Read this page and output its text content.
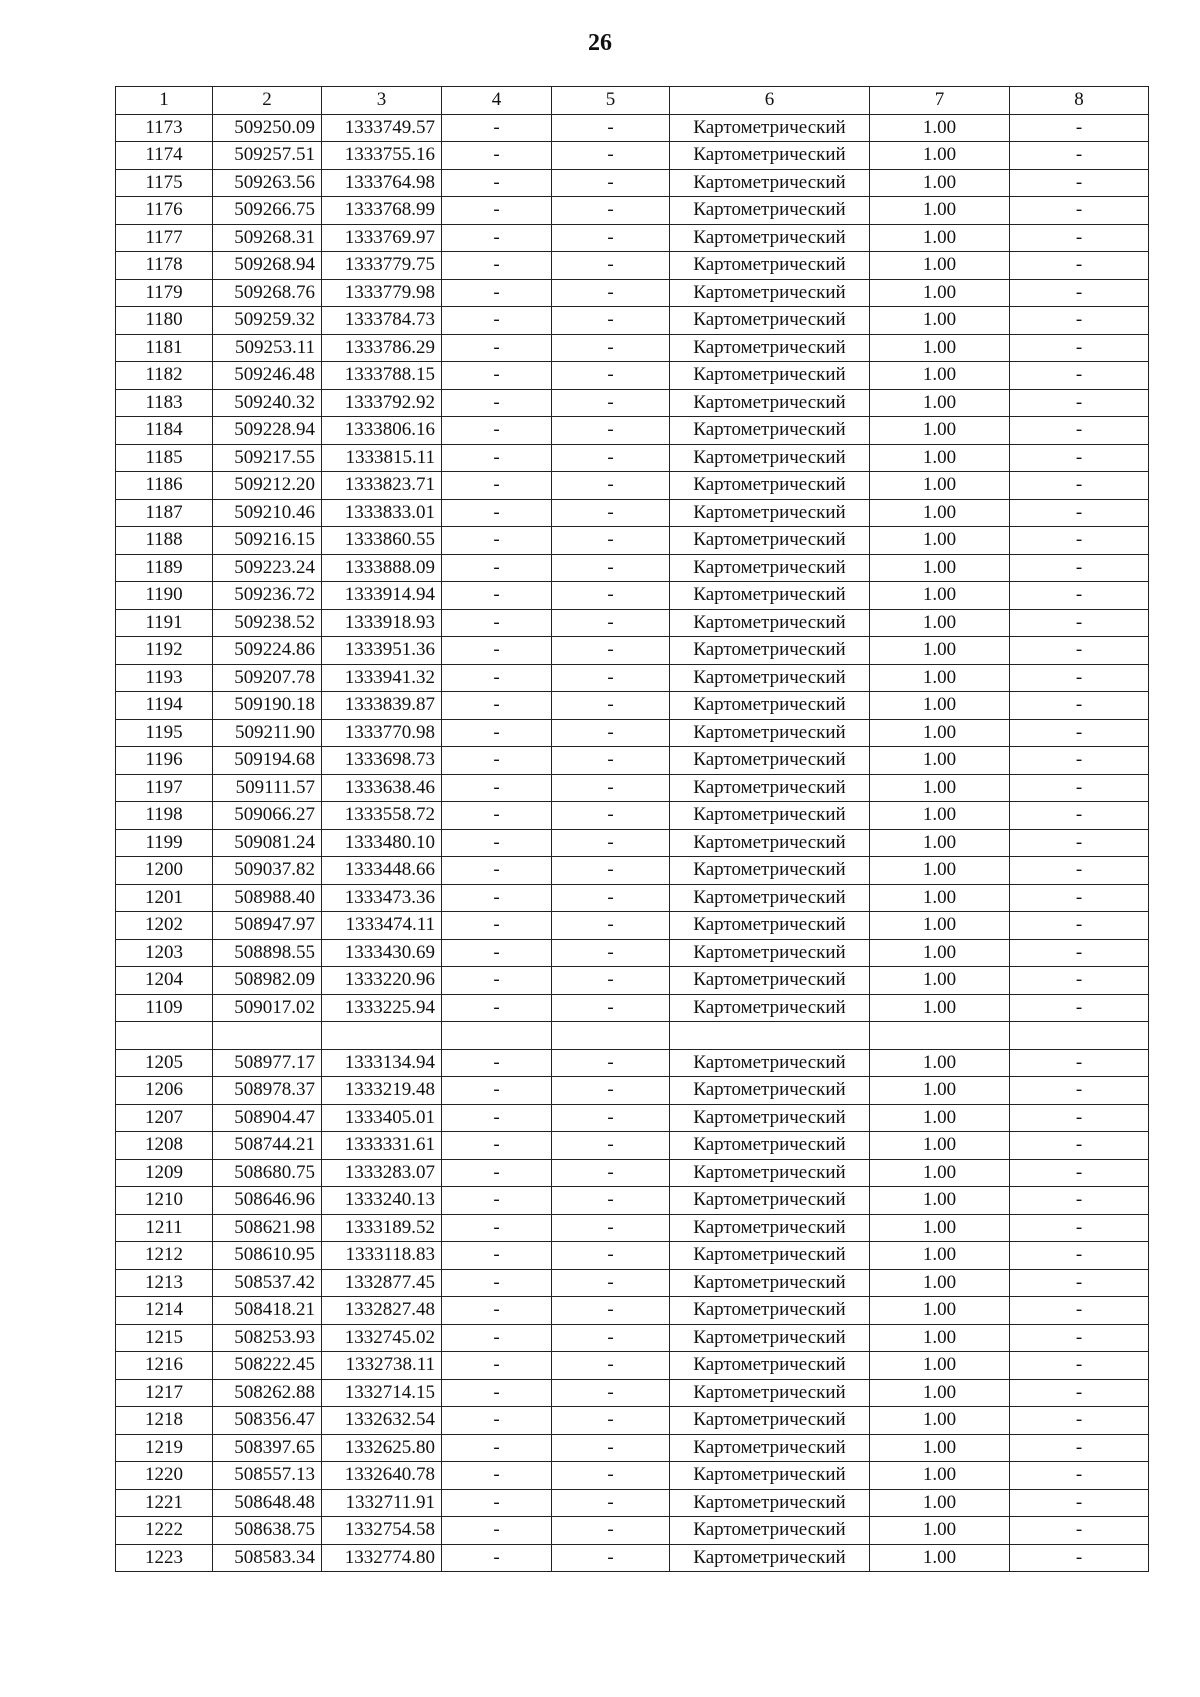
26
1	2	3	4	5	6	7	8
1173	509250.09	1333749.57	-	-	Картометрический	1.00	-
1174	509257.51	1333755.16	-	-	Картометрический	1.00	-
1175	509263.56	1333764.98	-	-	Картометрический	1.00	-
1176	509266.75	1333768.99	-	-	Картометрический	1.00	-
1177	509268.31	1333769.97	-	-	Картометрический	1.00	-
1178	509268.94	1333779.75	-	-	Картометрический	1.00	-
1179	509268.76	1333779.98	-	-	Картометрический	1.00	-
1180	509259.32	1333784.73	-	-	Картометрический	1.00	-
1181	509253.11	1333786.29	-	-	Картометрический	1.00	-
1182	509246.48	1333788.15	-	-	Картометрический	1.00	-
1183	509240.32	1333792.92	-	-	Картометрический	1.00	-
1184	509228.94	1333806.16	-	-	Картометрический	1.00	-
1185	509217.55	1333815.11	-	-	Картометрический	1.00	-
1186	509212.20	1333823.71	-	-	Картометрический	1.00	-
1187	509210.46	1333833.01	-	-	Картометрический	1.00	-
1188	509216.15	1333860.55	-	-	Картометрический	1.00	-
1189	509223.24	1333888.09	-	-	Картометрический	1.00	-
1190	509236.72	1333914.94	-	-	Картометрический	1.00	-
1191	509238.52	1333918.93	-	-	Картометрический	1.00	-
1192	509224.86	1333951.36	-	-	Картометрический	1.00	-
1193	509207.78	1333941.32	-	-	Картометрический	1.00	-
1194	509190.18	1333839.87	-	-	Картометрический	1.00	-
1195	509211.90	1333770.98	-	-	Картометрический	1.00	-
1196	509194.68	1333698.73	-	-	Картометрический	1.00	-
1197	509111.57	1333638.46	-	-	Картометрический	1.00	-
1198	509066.27	1333558.72	-	-	Картометрический	1.00	-
1199	509081.24	1333480.10	-	-	Картометрический	1.00	-
1200	509037.82	1333448.66	-	-	Картометрический	1.00	-
1201	508988.40	1333473.36	-	-	Картометрический	1.00	-
1202	508947.97	1333474.11	-	-	Картометрический	1.00	-
1203	508898.55	1333430.69	-	-	Картометрический	1.00	-
1204	508982.09	1333220.96	-	-	Картометрический	1.00	-
1109	509017.02	1333225.94	-	-	Картометрический	1.00	-

1205	508977.17	1333134.94	-	-	Картометрический	1.00	-
1206	508978.37	1333219.48	-	-	Картометрический	1.00	-
1207	508904.47	1333405.01	-	-	Картометрический	1.00	-
1208	508744.21	1333331.61	-	-	Картометрический	1.00	-
1209	508680.75	1333283.07	-	-	Картометрический	1.00	-
1210	508646.96	1333240.13	-	-	Картометрический	1.00	-
1211	508621.98	1333189.52	-	-	Картометрический	1.00	-
1212	508610.95	1333118.83	-	-	Картометрический	1.00	-
1213	508537.42	1332877.45	-	-	Картометрический	1.00	-
1214	508418.21	1332827.48	-	-	Картометрический	1.00	-
1215	508253.93	1332745.02	-	-	Картометрический	1.00	-
1216	508222.45	1332738.11	-	-	Картометрический	1.00	-
1217	508262.88	1332714.15	-	-	Картометрический	1.00	-
1218	508356.47	1332632.54	-	-	Картометрический	1.00	-
1219	508397.65	1332625.80	-	-	Картометрический	1.00	-
1220	508557.13	1332640.78	-	-	Картометрический	1.00	-
1221	508648.48	1332711.91	-	-	Картометрический	1.00	-
1222	508638.75	1332754.58	-	-	Картометрический	1.00	-
1223	508583.34	1332774.80	-	-	Картометрический	1.00	-
